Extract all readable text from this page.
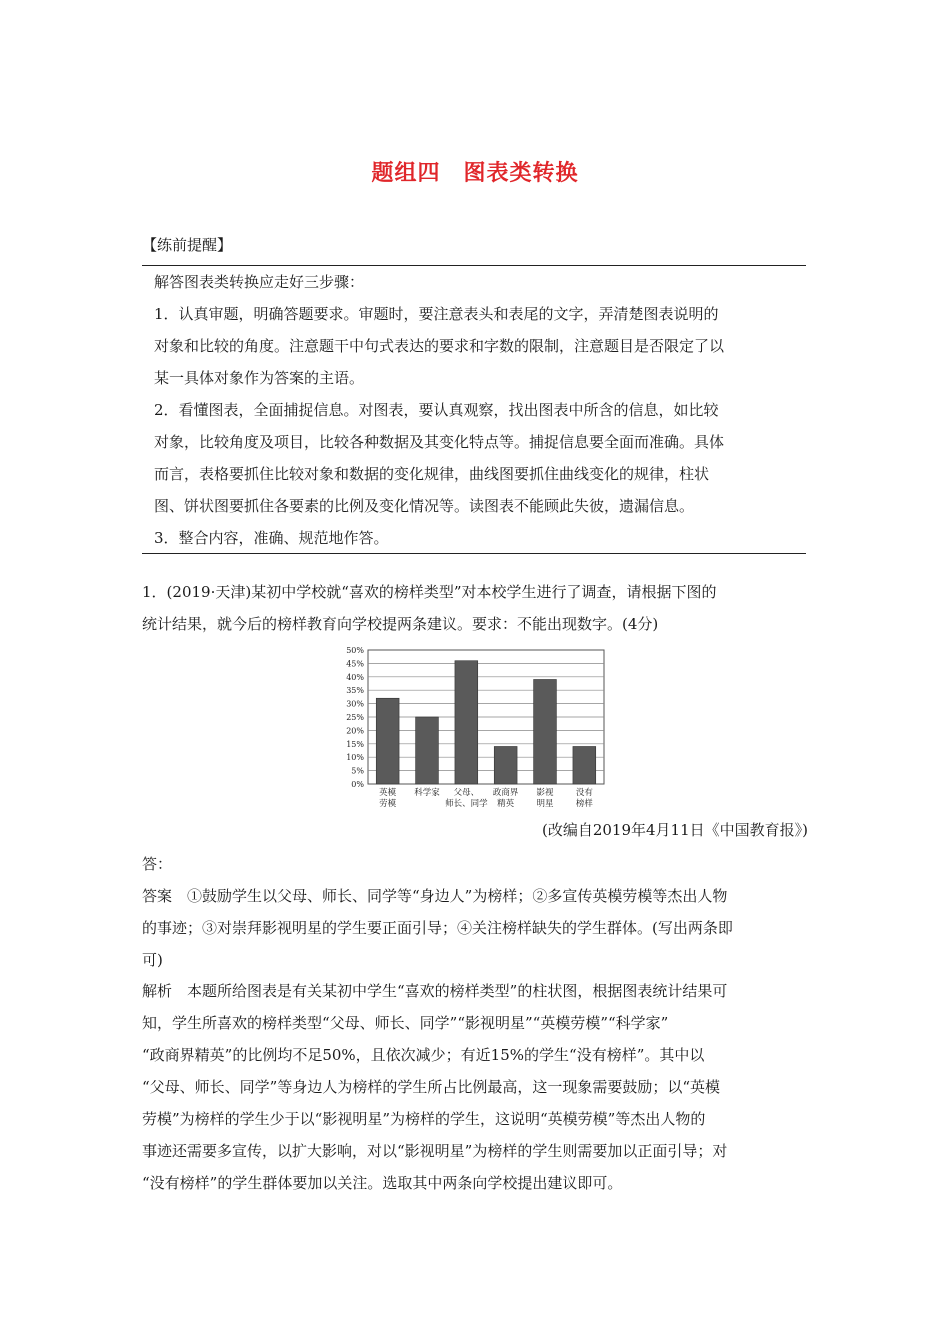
题组四　图表类转换
【练前提醒】

解答图表类转换应走好三步骤：

1．认真审题，明确答题要求。审题时，要注意表头和表尾的文字，弄清楚图表说明的

对象和比较的角度。注意题干中句式表达的要求和字数的限制，注意题目是否限定了以

某一具体对象作为答案的主语。

2．看懂图表，全面捕捉信息。对图表，要认真观察，找出图表中所含的信息，如比较

对象，比较角度及项目，比较各种数据及其变化特点等。捕捉信息要全面而准确。具体

而言，表格要抓住比较对象和数据的变化规律，曲线图要抓住曲线变化的规律，柱状

图、饼状图要抓住各要素的比例及变化情况等。读图表不能顾此失彼，遗漏信息。

3．整合内容，准确、规范地作答。

1．(2019·天津)某初中学校就“喜欢的榜样类型”对本校学生进行了调查，请根据下图的
统计结果，就今后的榜样教育向学校提两条建议。要求：不能出现数字。(4分)
0%
5%
10%
15%
20%
25%
30%
35%
40%
45%
50%
英模
劳模
科学家 父母、
师长、同学
政商界
精英
影视
明星
没有
榜样
(改编自2019年4月11日《中国教育报》)
答：
答案　①鼓励学生以父母、师长、同学等“身边人”为榜样；②多宣传英模劳模等杰出人物
的事迹；③对崇拜影视明星的学生要正面引导；④关注榜样缺失的学生群体。(写出两条即
可)
解析　本题所给图表是有关某初中学生“喜欢的榜样类型”的柱状图，根据图表统计结果可
知，学生所喜欢的榜样类型“父母、师长、同学”“影视明星”“英模劳模”“科学家”
“政商界精英”的比例均不足50%，且依次减少；有近15%的学生“没有榜样”。其中以
“父母、师长、同学”等身边人为榜样的学生所占比例最高，这一现象需要鼓励；以“英模
劳模”为榜样的学生少于以“影视明星”为榜样的学生，这说明“英模劳模”等杰出人物的
事迹还需要多宣传，以扩大影响，对以“影视明星”为榜样的学生则需要加以正面引导；对
“没有榜样”的学生群体要加以关注。选取其中两条向学校提出建议即可。
